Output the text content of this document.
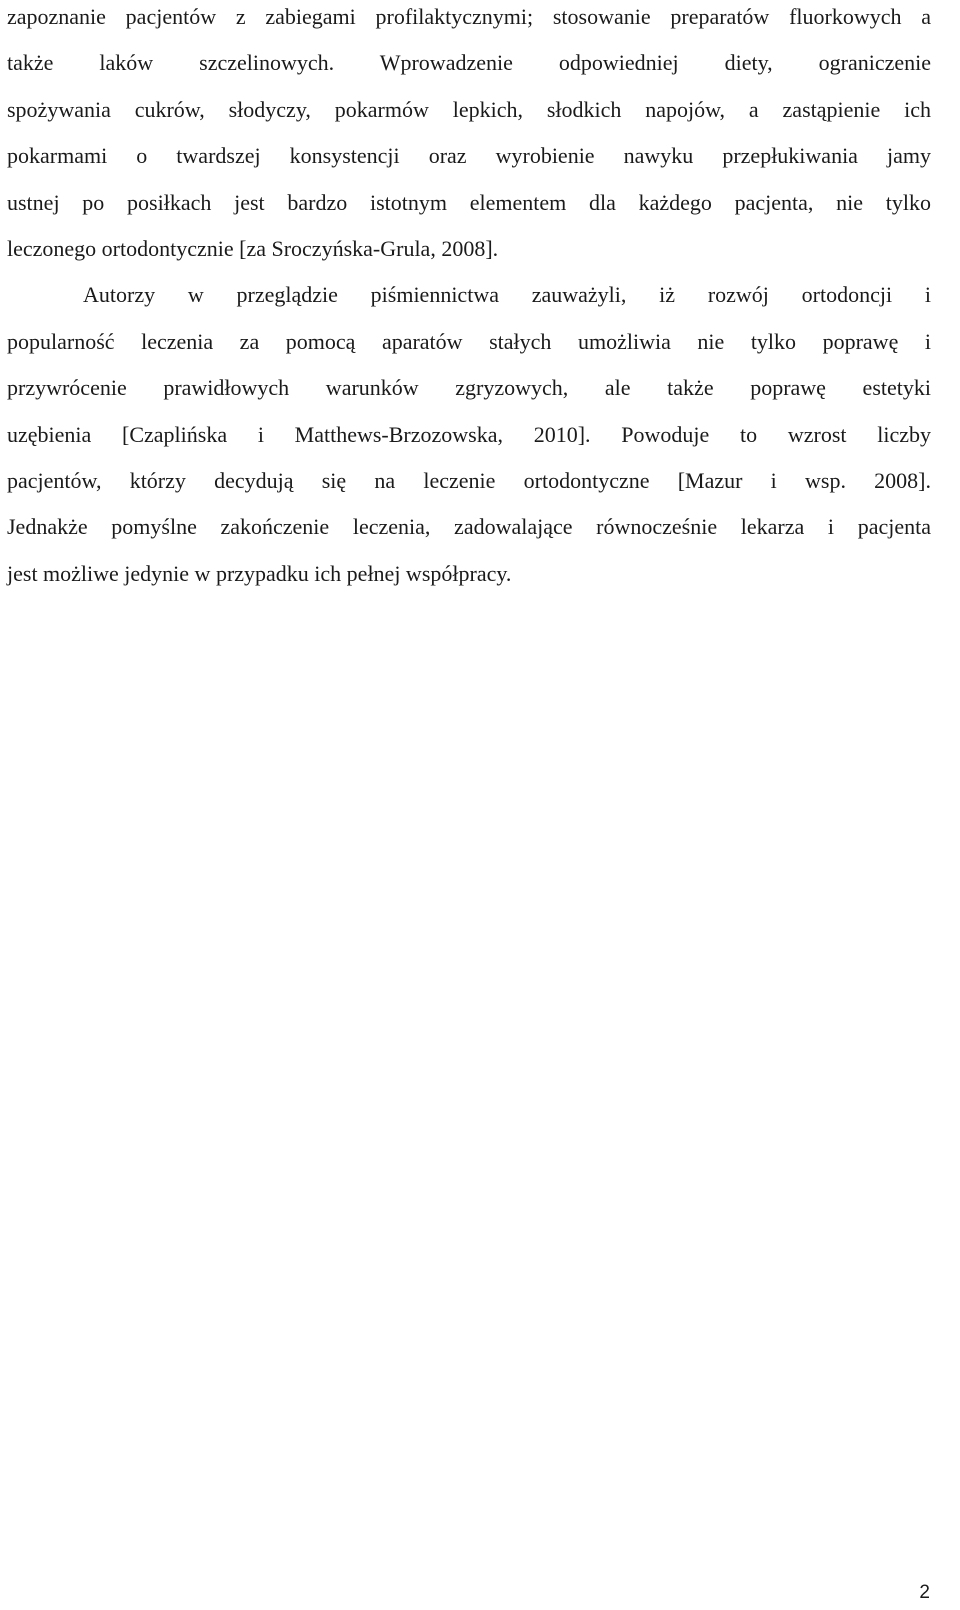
zapoznanie pacjentów z zabiegami profilaktycznymi; stosowanie preparatów fluorkowych a
także laków szczelinowych. Wprowadzenie odpowiedniej diety, ograniczenie
spożywania cukrów, słodyczy, pokarmów lepkich, słodkich napojów, a zastąpienie ich
pokarmami o twardszej konsystencji oraz wyrobienie nawyku przepłukiwania jamy
ustnej po posiłkach jest bardzo istotnym elementem dla każdego pacjenta, nie tylko
leczonego ortodontycznie [za Sroczyńska-Grula, 2008].
Autorzy w przeglądzie piśmiennictwa zauważyli, iż rozwój ortodoncji i
popularność leczenia za pomocą aparatów stałych umożliwia nie tylko poprawę i
przywrócenie prawidłowych warunków zgryzowych, ale także poprawę estetyki
uzębienia [Czaplińska i Matthews-Brzozowska, 2010]. Powoduje to wzrost liczby
pacjentów, którzy decydują się na leczenie ortodontyczne [Mazur i wsp. 2008].
Jednakże pomyślne zakończenie leczenia, zadowalające równocześnie lekarza i pacjenta
jest możliwe jedynie w przypadku ich pełnej współpracy.
2
